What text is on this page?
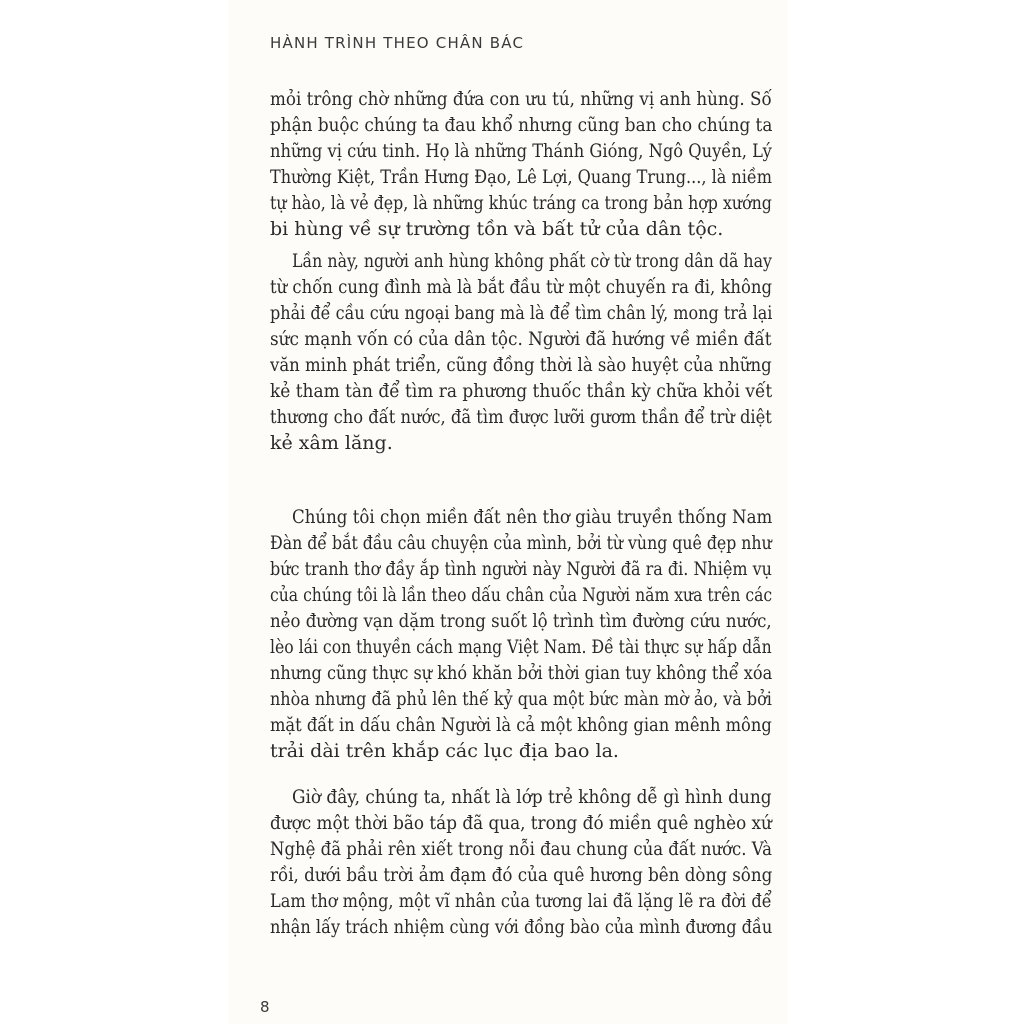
HÀNH TRÌNH THEO CHÂN BÁC
mỏi trông chờ những đứa con ưu tú, những vị anh hùng. Số
phận buộc chúng ta đau khổ nhưng cũng ban cho chúng ta
những vị cứu tinh. Họ là những Thánh Gióng, Ngô Quyền, Lý
Thường Kiệt, Trần Hưng Đạo, Lê Lợi, Quang Trung..., là niềm
tự hào, là vẻ đẹp, là những khúc tráng ca trong bản hợp xướng
bi hùng về sự trường tồn và bất tử của dân tộc.
Lần này, người anh hùng không phất cờ từ trong dân dã hay
từ chốn cung đình mà là bắt đầu từ một chuyến ra đi, không
phải để cầu cứu ngoại bang mà là để tìm chân lý, mong trả lại
sức mạnh vốn có của dân tộc. Người đã hướng về miền đất
văn minh phát triển, cũng đồng thời là sào huyệt của những
kẻ tham tàn để tìm ra phương thuốc thần kỳ chữa khỏi vết
thương cho đất nước, đã tìm được lưỡi gươm thần để trừ diệt
kẻ xâm lăng.
Chúng tôi chọn miền đất nên thơ giàu truyền thống Nam
Đàn để bắt đầu câu chuyện của mình, bởi từ vùng quê đẹp như
bức tranh thơ đầy ắp tình người này Người đã ra đi. Nhiệm vụ
của chúng tôi là lần theo dấu chân của Người năm xưa trên các
nẻo đường vạn dặm trong suốt lộ trình tìm đường cứu nước,
lèo lái con thuyền cách mạng Việt Nam. Đề tài thực sự hấp dẫn
nhưng cũng thực sự khó khăn bởi thời gian tuy không thể xóa
nhòa nhưng đã phủ lên thế kỷ qua một bức màn mờ ảo, và bởi
mặt đất in dấu chân Người là cả một không gian mênh mông
trải dài trên khắp các lục địa bao la.
Giờ đây, chúng ta, nhất là lớp trẻ không dễ gì hình dung
được một thời bão táp đã qua, trong đó miền quê nghèo xứ
Nghệ đã phải rên xiết trong nỗi đau chung của đất nước. Và
rồi, dưới bầu trời ảm đạm đó của quê hương bên dòng sông
Lam thơ mộng, một vĩ nhân của tương lai đã lặng lẽ ra đời để
nhận lấy trách nhiệm cùng với đồng bào của mình đương đầu
8
